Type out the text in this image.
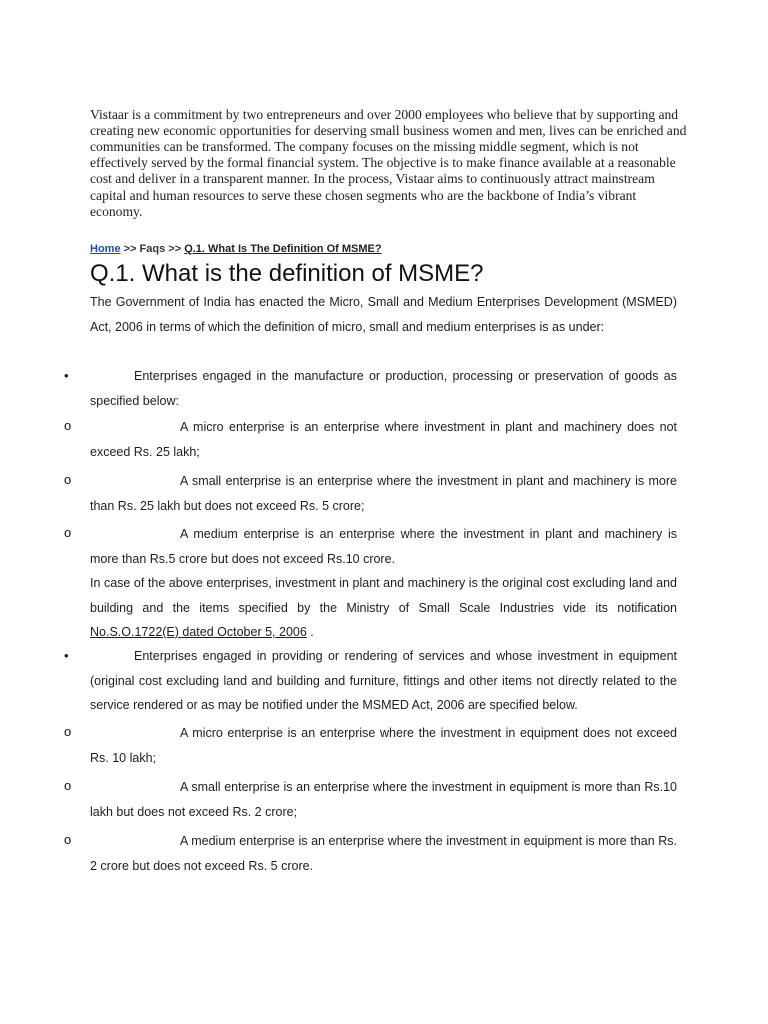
Vistaar is a commitment by two entrepreneurs and over 2000 employees who believe that by supporting and creating new economic opportunities for deserving small business women and men, lives can be enriched and communities can be transformed. The company focuses on the missing middle segment, which is not effectively served by the formal financial system. The objective is to make finance available at a reasonable cost and deliver in a transparent manner. In the process, Vistaar aims to continuously attract mainstream capital and human resources to serve these chosen segments who are the backbone of India’s vibrant economy.

Home >> Faqs >> Q.1. What Is The Definition Of MSME?
Q.1. What is the definition of MSME?

The Government of India has enacted the Micro, Small and Medium Enterprises Development (MSMED) Act, 2006 in terms of which the definition of micro, small and medium enterprises is as under:

•	Enterprises engaged in the manufacture or production, processing or preservation of goods as specified below:

o	A micro enterprise is an enterprise where investment in plant and machinery does not exceed Rs. 25 lakh;

o	A small enterprise is an enterprise where the investment in plant and machinery is more than Rs. 25 lakh but does not exceed Rs. 5 crore;

o	A medium enterprise is an enterprise where the investment in plant and machinery is more than Rs.5 crore but does not exceed Rs.10 crore.

In case of the above enterprises, investment in plant and machinery is the original cost excluding land and building and the items specified by the Ministry of Small Scale Industries vide its notification No.S.O.1722(E) dated October 5, 2006 .

•	Enterprises engaged in providing or rendering of services and whose investment in equipment (original cost excluding land and building and furniture, fittings and other items not directly related to the service rendered or as may be notified under the MSMED Act, 2006 are specified below.

o	A micro enterprise is an enterprise where the investment in equipment does not exceed Rs. 10 lakh;

o	A small enterprise is an enterprise where the investment in equipment is more than Rs.10 lakh but does not exceed Rs. 2 crore;

o	A medium enterprise is an enterprise where the investment in equipment is more than Rs. 2 crore but does not exceed Rs. 5 crore.
